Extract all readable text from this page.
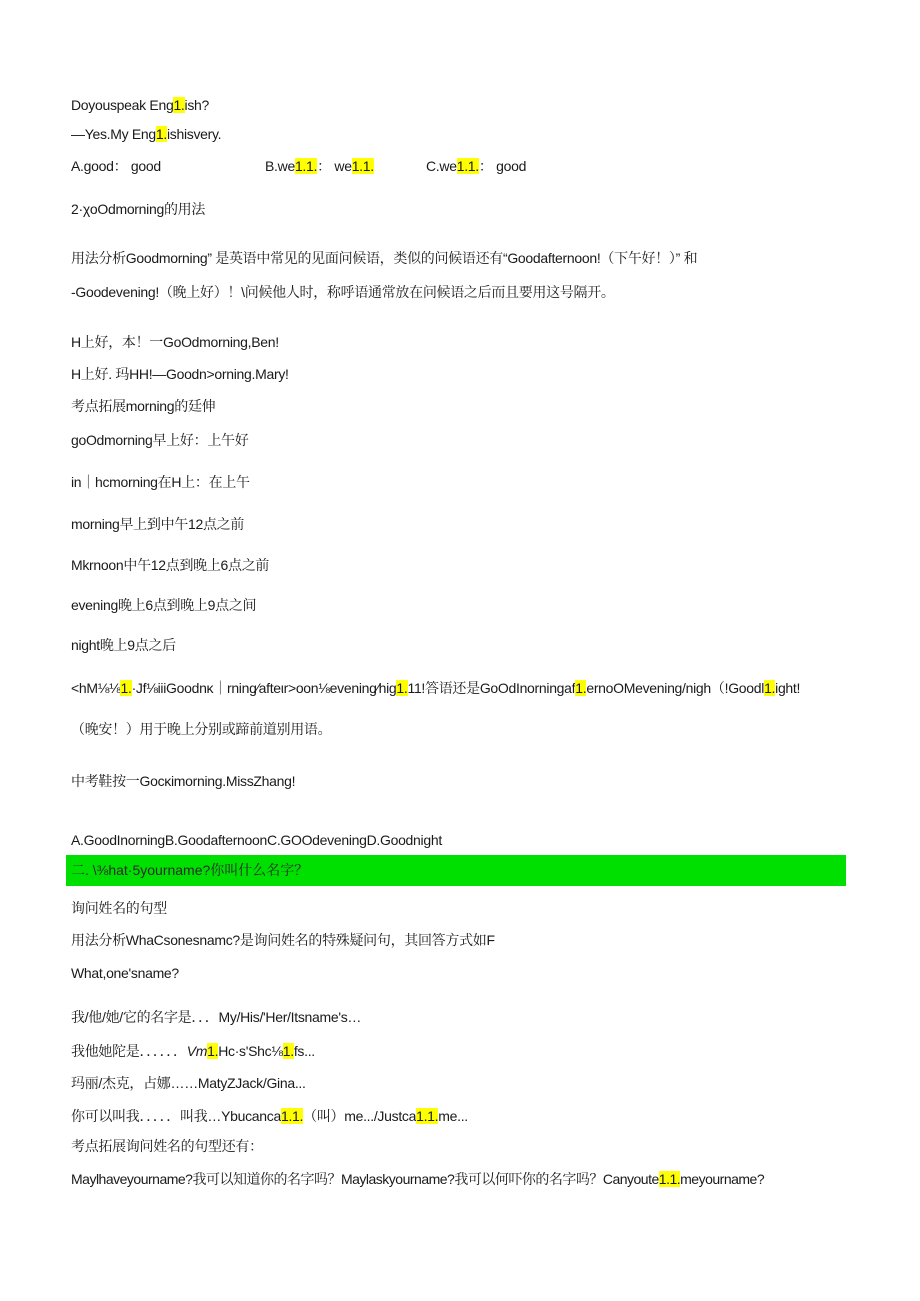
Doyouspeak Eng1.ish?
—Yes.My Eng1.ishisvery.
A.good： good	B.we1.1.： we1.1.	C.we1.1.： good
2·χoOdmorning的用法
用法分析Goodmorning” 是英语中常见的见面问候语，类似的问候语还有“Goodafternoon!（下午好！）” 和
-Goodevening!（晚上好）！\问候他人时，称呼语通常放在问候语之后而且要用这号隔开。
H上好，本！一GoOdmorning,Ben!
H上好. 玛HH!—Goodn>orning.Mary!
考点拓展morning的廷伸
goOdmorning早上好：上午好
in｜hcmorning在H上：在上午
morning早上到中午12点之前
Mkrnoon中午12点到晚上6点之前
evening晚上6点到晚上9点之间
night晚上9点之后
<hM⅛⅛1.·Jf⅛iiiGoodnκ｜rning⁄afteιr>oon⅛evening⁄hig1.11!答语还是GoOdInorningaf1.ernoOMevening/nigh（!Goodl1.ight!
（晚安！）用于晚上分别或蹄前道别用语。
中考鞋按一Gocκimorning.MissZhang!
A.GoodInorningB.GoodafternoonC.GOOdeveningD.Goodnight
二. \⅜hat·5yourname?你叫什么名字？
询问姓名的句型
用法分析WhaCsonesnamc?是询问姓名的特殊疑问句，其回答方式如F
What,one'sname?
我/他/她/它的名字是．．．My/His/'Her/Itsname's…
我他她陀是．．．．．．Vm1.Hc·s'Shc⅛1.fs...
玛丽/杰克，占娜……MatyZJack/Gina...
你可以叫我．．．．．叫我…Ybucanca1.1.（叫）me.../Justca1.1.me...
考点拓展询问姓名的句型还有：
Maylhaveyourname?我可以知道你的名字吗？Maylaskyourname?我可以何吓你的名字吗？Canyoute1.1.meyourname?
